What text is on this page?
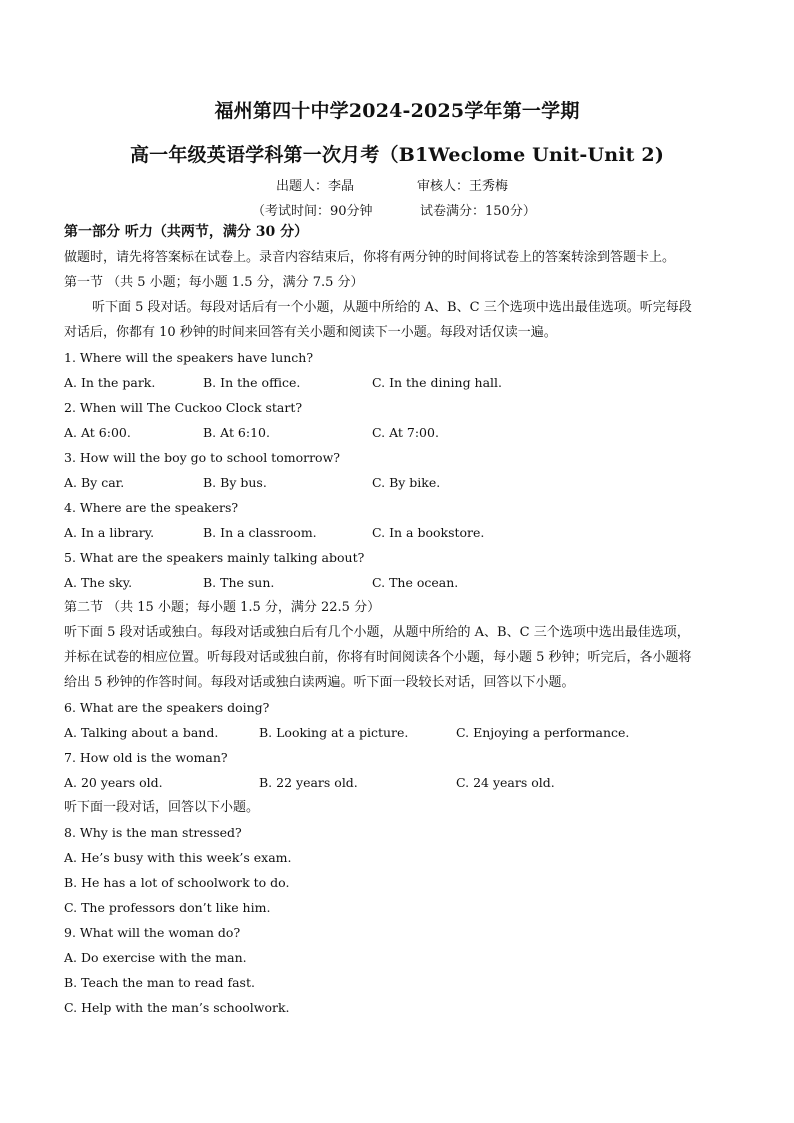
福州第四十中学2024-2025学年第一学期
高一年级英语学科第一次月考（B1Weclome Unit-Unit 2)
出题人：李晶	审核人：王秀梅
（考试时间：90分钟	试卷满分：150分）
第一部分 听力（共两节，满分 30 分）
做题时，请先将答案标在试卷上。录音内容结束后，你将有两分钟的时间将试卷上的答案转涂到答题卡上。
第一节 （共 5 小题；每小题 1.5 分，满分 7.5 分）
听下面 5 段对话。每段对话后有一个小题，从题中所给的 A、B、C 三个选项中选出最佳选项。听完每段
对话后，你都有 10 秒钟的时间来回答有关小题和阅读下一小题。每段对话仅读一遍。
1. Where will the speakers have lunch?
A. In the park.	B. In the office.	C. In the dining hall.
2. When will The Cuckoo Clock start?
A. At 6:00.	B. At 6:10.	C. At 7:00.
3. How will the boy go to school tomorrow?
A. By car.	B. By bus.	C. By bike.
4. Where are the speakers?
A. In a library.	B. In a classroom.	C. In a bookstore.
5. What are the speakers mainly talking about?
A. The sky.	B. The sun.	C. The ocean.
第二节 （共 15 小题；每小题 1.5 分，满分 22.5 分）
听下面 5 段对话或独白。每段对话或独白后有几个小题，从题中所给的 A、B、C 三个选项中选出最佳选项，
并标在试卷的相应位置。听每段对话或独白前，你将有时间阅读各个小题，每小题 5 秒钟；听完后，各小题将
给出 5 秒钟的作答时间。每段对话或独白读两遍。听下面一段较长对话，回答以下小题。
6. What are the speakers doing?
A. Talking about a band.	B. Looking at a picture.	C. Enjoying a performance.
7. How old is the woman?
A. 20 years old.	B. 22 years old.	C. 24 years old.
听下面一段对话，回答以下小题。
8. Why is the man stressed?
A. He’s busy with this week’s exam.
B. He has a lot of schoolwork to do.
C. The professors don’t like him.
9. What will the woman do?
A. Do exercise with the man.
B. Teach the man to read fast.
C. Help with the man’s schoolwork.
